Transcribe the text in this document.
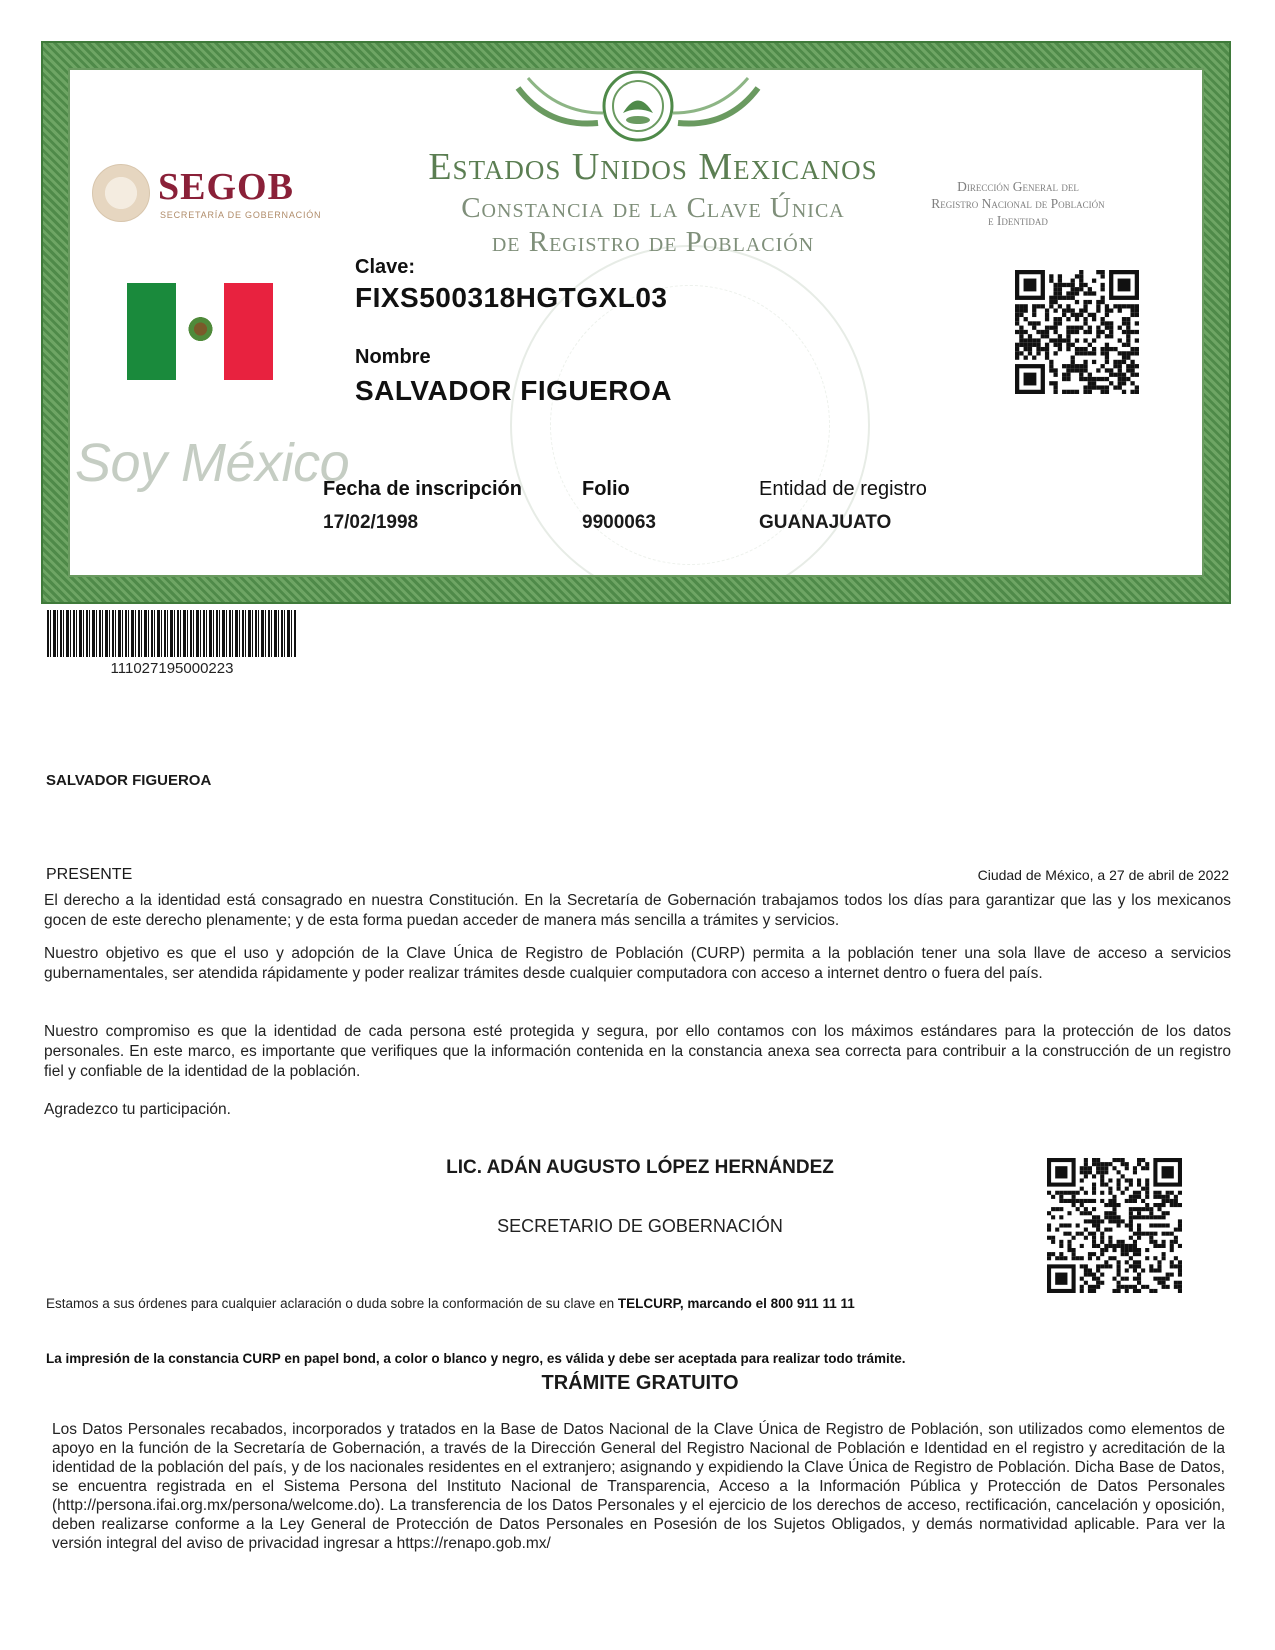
Estados Unidos Mexicanos
Constancia de la Clave Única
de Registro de Población
SEGOB
SECRETARÍA DE GOBERNACIÓN
Dirección General del
Registro Nacional de Población
e Identidad
Soy México
Clave:
FIXS500318HGTGXL03
Nombre
SALVADOR FIGUEROA
Fecha de inscripción
17/02/1998
Folio
9900063
Entidad de registro
GUANAJUATO
111027195000223
SALVADOR FIGUEROA
PRESENTE	Ciudad de México, a 27 de abril de 2022
El derecho a la identidad está consagrado en nuestra Constitución. En la Secretaría de Gobernación trabajamos todos los días para garantizar que las y los mexicanos gocen de este derecho plenamente; y de esta forma puedan acceder de manera más sencilla a trámites y servicios.
Nuestro objetivo es que el uso y adopción de la Clave Única de Registro de Población (CURP) permita a la población tener una sola llave de acceso a servicios gubernamentales, ser atendida rápidamente y poder realizar trámites desde cualquier computadora con acceso a internet dentro o fuera del país.
Nuestro compromiso es que la identidad de cada persona esté protegida y segura, por ello contamos con los máximos estándares para la protección de los datos personales. En este marco, es importante que verifiques que la información contenida en la constancia anexa sea correcta para contribuir a la construcción de un registro fiel y confiable de la identidad de la población.
Agradezco tu participación.
LIC. ADÁN AUGUSTO LÓPEZ HERNÁNDEZ
SECRETARIO DE GOBERNACIÓN
Estamos a sus órdenes para cualquier aclaración o duda sobre la conformación de su clave en TELCURP, marcando el 800 911 11 11
La impresión de la constancia CURP en papel bond, a color o blanco y negro, es válida y debe ser aceptada para realizar todo trámite.
TRÁMITE GRATUITO
Los Datos Personales recabados, incorporados y tratados en la Base de Datos Nacional de la Clave Única de Registro de Población, son utilizados como elementos de apoyo en la función de la Secretaría de Gobernación, a través de la Dirección General del Registro Nacional de Población e Identidad en el registro y acreditación de la identidad de la población del país, y de los nacionales residentes en el extranjero; asignando y expidiendo la Clave Única de Registro de Población. Dicha Base de Datos, se encuentra registrada en el Sistema Persona del Instituto Nacional de Transparencia, Acceso a la Información Pública y Protección de Datos Personales (http://persona.ifai.org.mx/persona/welcome.do). La transferencia de los Datos Personales y el ejercicio de los derechos de acceso, rectificación, cancelación y oposición, deben realizarse conforme a la Ley General de Protección de Datos Personales en Posesión de los Sujetos Obligados, y demás normatividad aplicable. Para ver la versión integral del aviso de privacidad ingresar a https://renapo.gob.mx/
